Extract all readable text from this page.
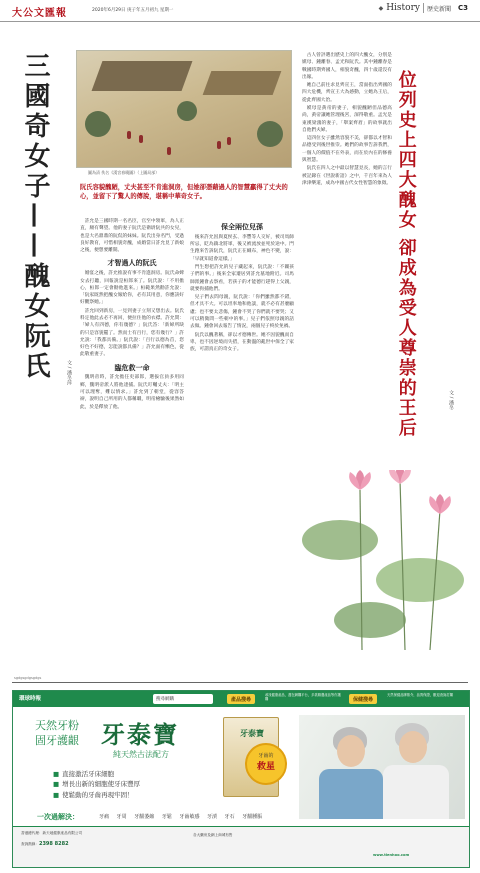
大公文匯報	2020年6月29日 庚子年五月初九 星期一	◆ History 歷史新聞 C3
三國奇女子——醜女阮氏	文 / 潘冬萍
圖為清 佚名《漢宮春曉圖》（上圖局部）
阮氏容貌醜陋，丈夫甚至不肯進洞房，但她卻憑藉過人的智慧贏得了丈夫的心，並留下了驚人的傳說，堪稱中華奇女子。

許允是三國時期一名名臣，官至中領軍，為人正直，頗有聲望。他的妻子阮氏是衛尉阮共的女兒，也是大名鼎鼎的阮侃的妹妹。阮氏出身名門，受過良好教育，可惜相貌奇醜，成婚當日許允見了新娘之後，便想要離開。

才智過人的阮氏

婚宴之後，許允推說有事不肯進洞房。阮氏命婢女去打聽，回報說是桓郎來了。阮氏說：「不用擔心，桓郎一定會勸他進來。」桓範果然勸許允說：「阮家既然把醜女嫁給你，必有其用意，你應該好好觀察她。」

許允回到新房，一見到妻子立刻又想出去。阮氏料定他此去必不再回，便拉住他的衣襟。許允問：「婦人有四德，你有幾德？」阮氏答：「新婦所缺的只是容貌罷了。然而士有百行，您有幾行？」許允說：「我都具備。」阮氏說：「百行以德為首，您好色不好德，怎能說都具備？」許允面有慚色，從此敬重妻子。

臨危救一命

魏明帝時，許允擔任吏部郎，選拔官員多用同鄉，魏明帝派人將他逮捕。阮氏叮囑丈夫：「明主可以理奪，難以情求。」許允到了朝堂，從容答辯，說明自己所用的人都稱職，明帝檢驗後果然如此，於是釋放了他。

保全兩位兒孫

後來許允因與夏侯玄、李豐等人交好，被司馬師所忌，貶為鎮北將軍，後又被流放並死於途中。門生跑來告訴阮氏，阮氏正在織布，神色不變，說：「早就知道會這樣。」

門生想把許允的兒子藏起來，阮氏說：「不關孩子們的事。」後來全家遷居到許允墓地附近。司馬師派鍾會去察看，若孩子的才能德行趕得上父親，就要拘捕他們。

兒子們去問母親，阮氏說：「你們雖然都不錯，但才具不大。可以坦率地和他談，就不必有甚麼顧慮；也不要太悲傷，鍾會不哭了你們就不要哭；又可以稍微問一些朝中的事。」兒子們依照母親的話去做。鍾會回去報告了情況，兩個兒子終於免禍。

阮氏以醜著稱，卻以才德傳世。她不因貌醜而自卑，也不因逆境而失措，在動盪的亂世中保全了家族，可謂真正的奇女子。

古人曾評選出歷史上的四大醜女，分別是嫫母、鍾離春、孟光和阮氏。其中鍾離春是戰國時期齊國人，相貌奇醜，四十歲還沒有出嫁。

她自己前往求見齊宣王，當面指出齊國的四大危機，齊宣王大為感動，立她為王后，從此齊國大治。

嫫母是黃帝的妻子，相貌醜陋但品德高尚，黃帝讓她管理後宮，深得敬重。孟光是東漢梁鴻的妻子，「舉案齊眉」的故事就出自他們夫婦。

這四位女子雖然容貌不美，卻都以才智和品德受到後世推崇。她們的故事告訴我們，一個人的價值不在外表，而在於內在的修養與智慧。

阮氏在四人之中最以智慧見長，她的言行被記錄在《世說新語》之中，千百年來為人津津樂道，成為中國古代女性智慧的象徵。 位列史上四大醜女 卻成為受人尊崇的王后	文 / 潘冬
sgdgsgdgsgdgs
環球時報	搜尋網購	產品搜尋
尋找健康產品，盡在網購平台，多款精選產品等你選購	保健搜尋
天然保健品牌推介，品質保證，歡迎查詢訂購
天然牙粉
固牙護齦 牙泰寶
純天然古法配方
■ 直接激活牙床細胞
■ 增長出新的細胞使牙床豐厚
■ 使鬆動的牙齒再現牢固！
一次過解決：	牙痛 牙周 牙齦萎縮 牙鬆 牙齒敏感 牙漬 牙石 牙齦腫脹
牙泰寶
牙齒的
救星
香港總代理：新天地健康產品有限公司
查詢熱線：2398 8282
各大藥房及網上商城有售
www.tienhoo.com
